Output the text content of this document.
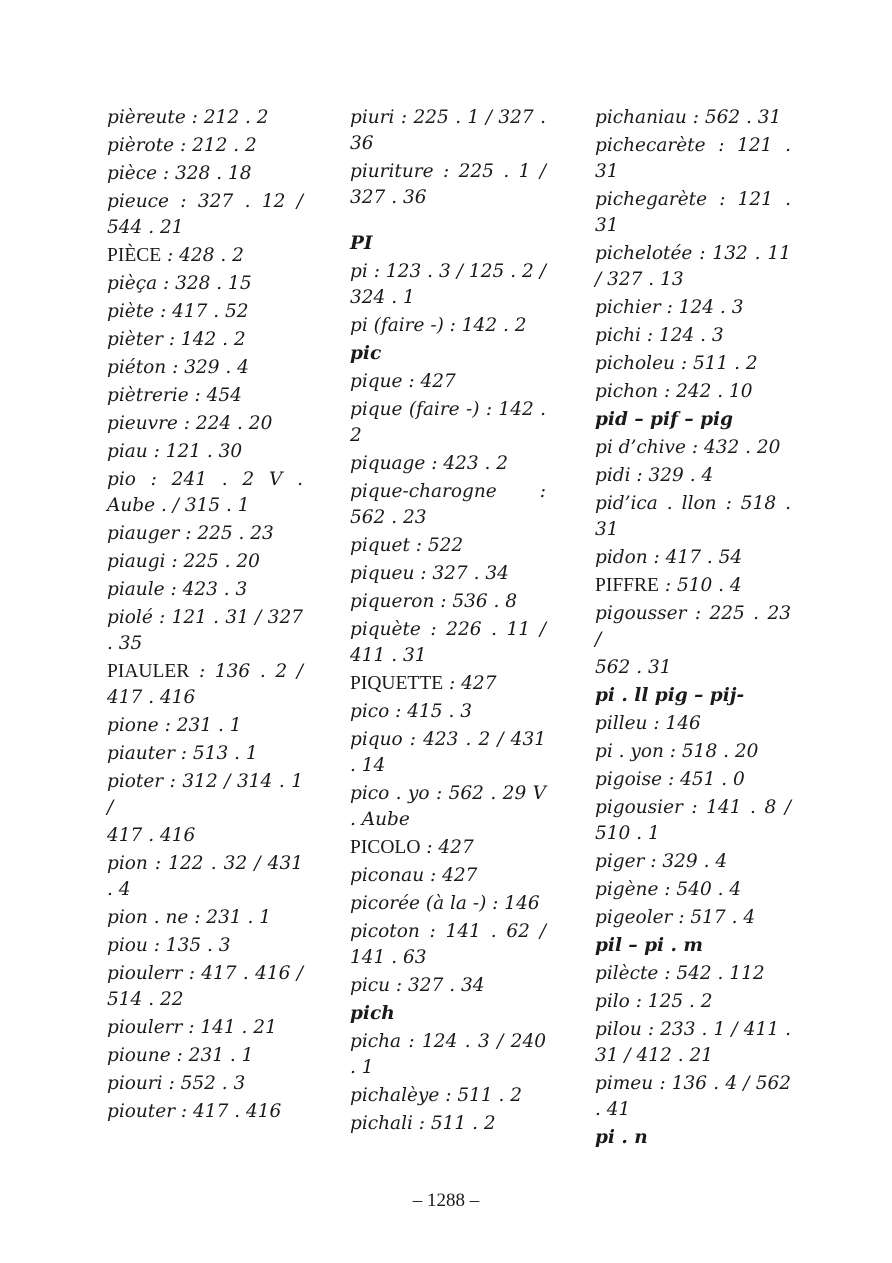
pièreute : 212 . 2
pièrote : 212 . 2
pièce : 328 . 18
pieuce : 327 . 12 / 544 . 21
PIÈCE : 428 . 2
pièça : 328 . 15
piète : 417 . 52
pièter : 142 . 2
piéton : 329 . 4
piètrerie : 454
pieuvre : 224 . 20
piau : 121 . 30
pio : 241 . 2 V . Aube . / 315 . 1
piauger : 225 . 23
piaugi : 225 . 20
piaule : 423 . 3
piolé : 121 . 31 / 327 . 35
PIAULER : 136 . 2 / 417 . 416
pione : 231 . 1
piauter : 513 . 1
pioter : 312 / 314 . 1 /
417 . 416
pion : 122 . 32 / 431 . 4
pion . ne : 231 . 1
piou : 135 . 3
pioulerr : 417 . 416 / 514 . 22
pioulerr : 141 . 21
pioune : 231 . 1
piouri : 552 . 3
piouter : 417 . 416
piuri : 225 . 1 / 327 . 36
piuriture : 225 . 1 / 327 . 36
PI
pi : 123 . 3 / 125 . 2 / 324 . 1
pi (faire -) : 142 . 2
pic
pique : 427
pique (faire -) : 142 . 2
piquage : 423 . 2
pique-charogne : 562 . 23
piquet : 522
piqueu : 327 . 34
piqueron : 536 . 8
piquète : 226 . 11 / 411 . 31
PIQUETTE : 427
pico : 415 . 3
piquo : 423 . 2 / 431 . 14
pico . yo : 562 . 29 V . Aube
PICOLO : 427
piconau : 427
picorée (à la -) : 146
picoton : 141 . 62 / 141 . 63
picu : 327 . 34
pich
picha : 124 . 3 / 240 . 1
pichalèye : 511 . 2
pichali : 511 . 2
pichaniau : 562 . 31
pichecarète : 121 . 31
pichegarète : 121 . 31
pichelotée : 132 . 11 / 327 . 13
pichier : 124 . 3
pichi : 124 . 3
picholeu : 511 . 2
pichon : 242 . 10
pid – pif – pig
pi d’chive : 432 . 20
pidi : 329 . 4
pid’ica . llon : 518 . 31
pidon : 417 . 54
PIFFRE : 510 . 4
pigousser : 225 . 23 /
562 . 31
pi . ll pig – pij-
pilleu : 146
pi . yon : 518 . 20
pigoise : 451 . 0
pigousier : 141 . 8 / 510 . 1
piger : 329 . 4
pigène : 540 . 4
pigeoler : 517 . 4
pil – pi . m
pilècte : 542 . 112
pilo : 125 . 2
pilou : 233 . 1 / 411 . 31 / 412 . 21
pimeu : 136 . 4 / 562 . 41
pi . n
– 1288 –
